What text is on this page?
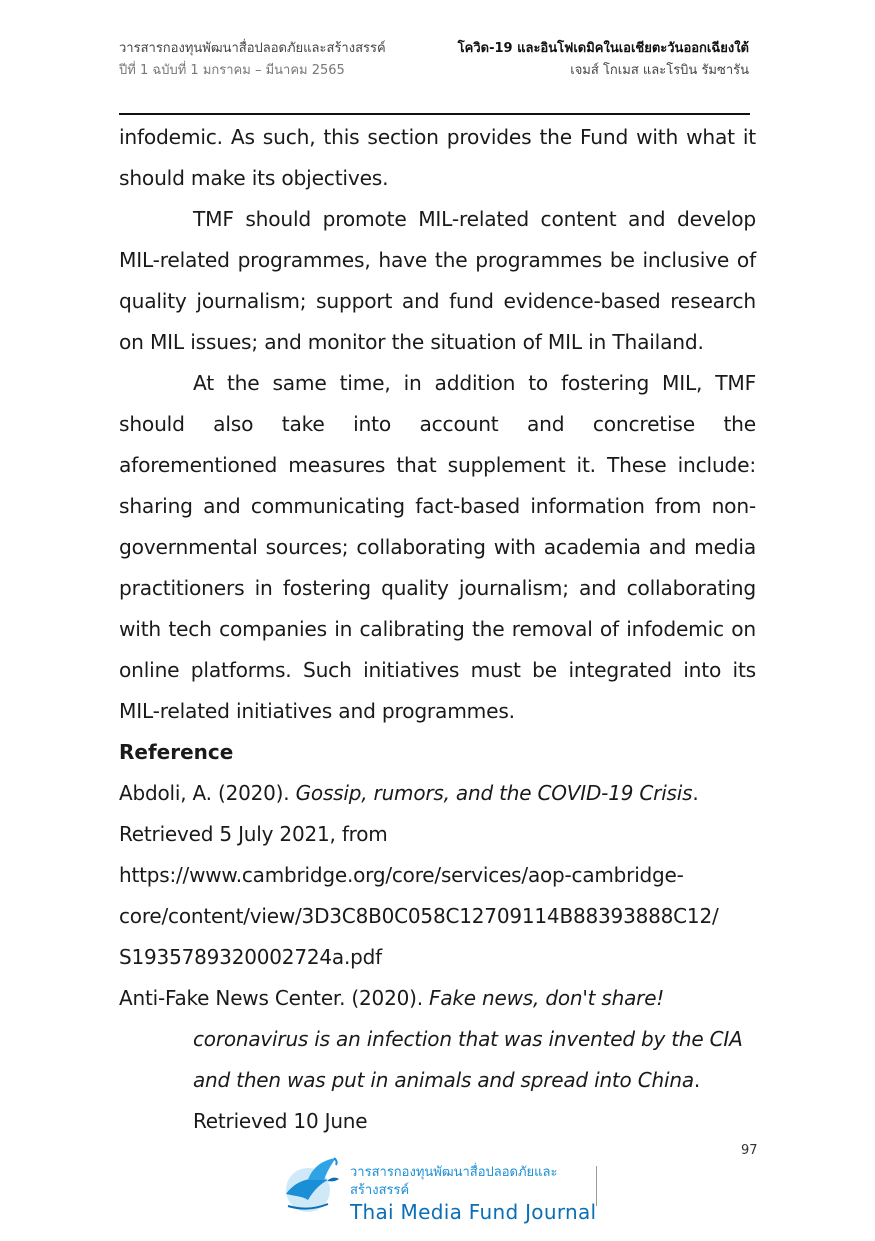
วารสารกองทุนพัฒนาสื่อปลอดภัยและสร้างสรรค์
ปีที่ 1 ฉบับที่ 1 มกราคม – มีนาคม 2565
โควิด-19 และอินโฟเดมิคในเอเชียตะวันออกเฉียงใต้
เจมส์ โกเมส และโรบิน รัมซารัน

infodemic. As such, this section provides the Fund with what it should make its objectives.

TMF should promote MIL-related content and develop MIL-related programmes, have the programmes be inclusive of quality journalism; support and fund evidence-based research on MIL issues; and monitor the situation of MIL in Thailand.

At the same time, in addition to fostering MIL, TMF should also take into account and concretise the aforementioned measures that supplement it. These include: sharing and communicating fact-based information from non-governmental sources; collaborating with academia and media practitioners in fostering quality journalism; and collaborating with tech companies in calibrating the removal of infodemic on online platforms. Such initiatives must be integrated into its MIL-related initiatives and programmes.

Reference
Abdoli, A. (2020). Gossip, rumors, and the COVID-19 Crisis.
Retrieved 5 July 2021, from
https://www.cambridge.org/core/services/aop-cambridge-
core/content/view/3D3C8B0C058C12709114B88393888C12/
S1935789320002724a.pdf
Anti-Fake News Center. (2020). Fake news, don't share! coronavirus is an infection that was invented by the CIA and then was put in animals and spread into China. Retrieved 10 June
97
วารสารกองทุนพัฒนาสื่อปลอดภัยและสร้างสรรค์
Thai Media Fund Journal
